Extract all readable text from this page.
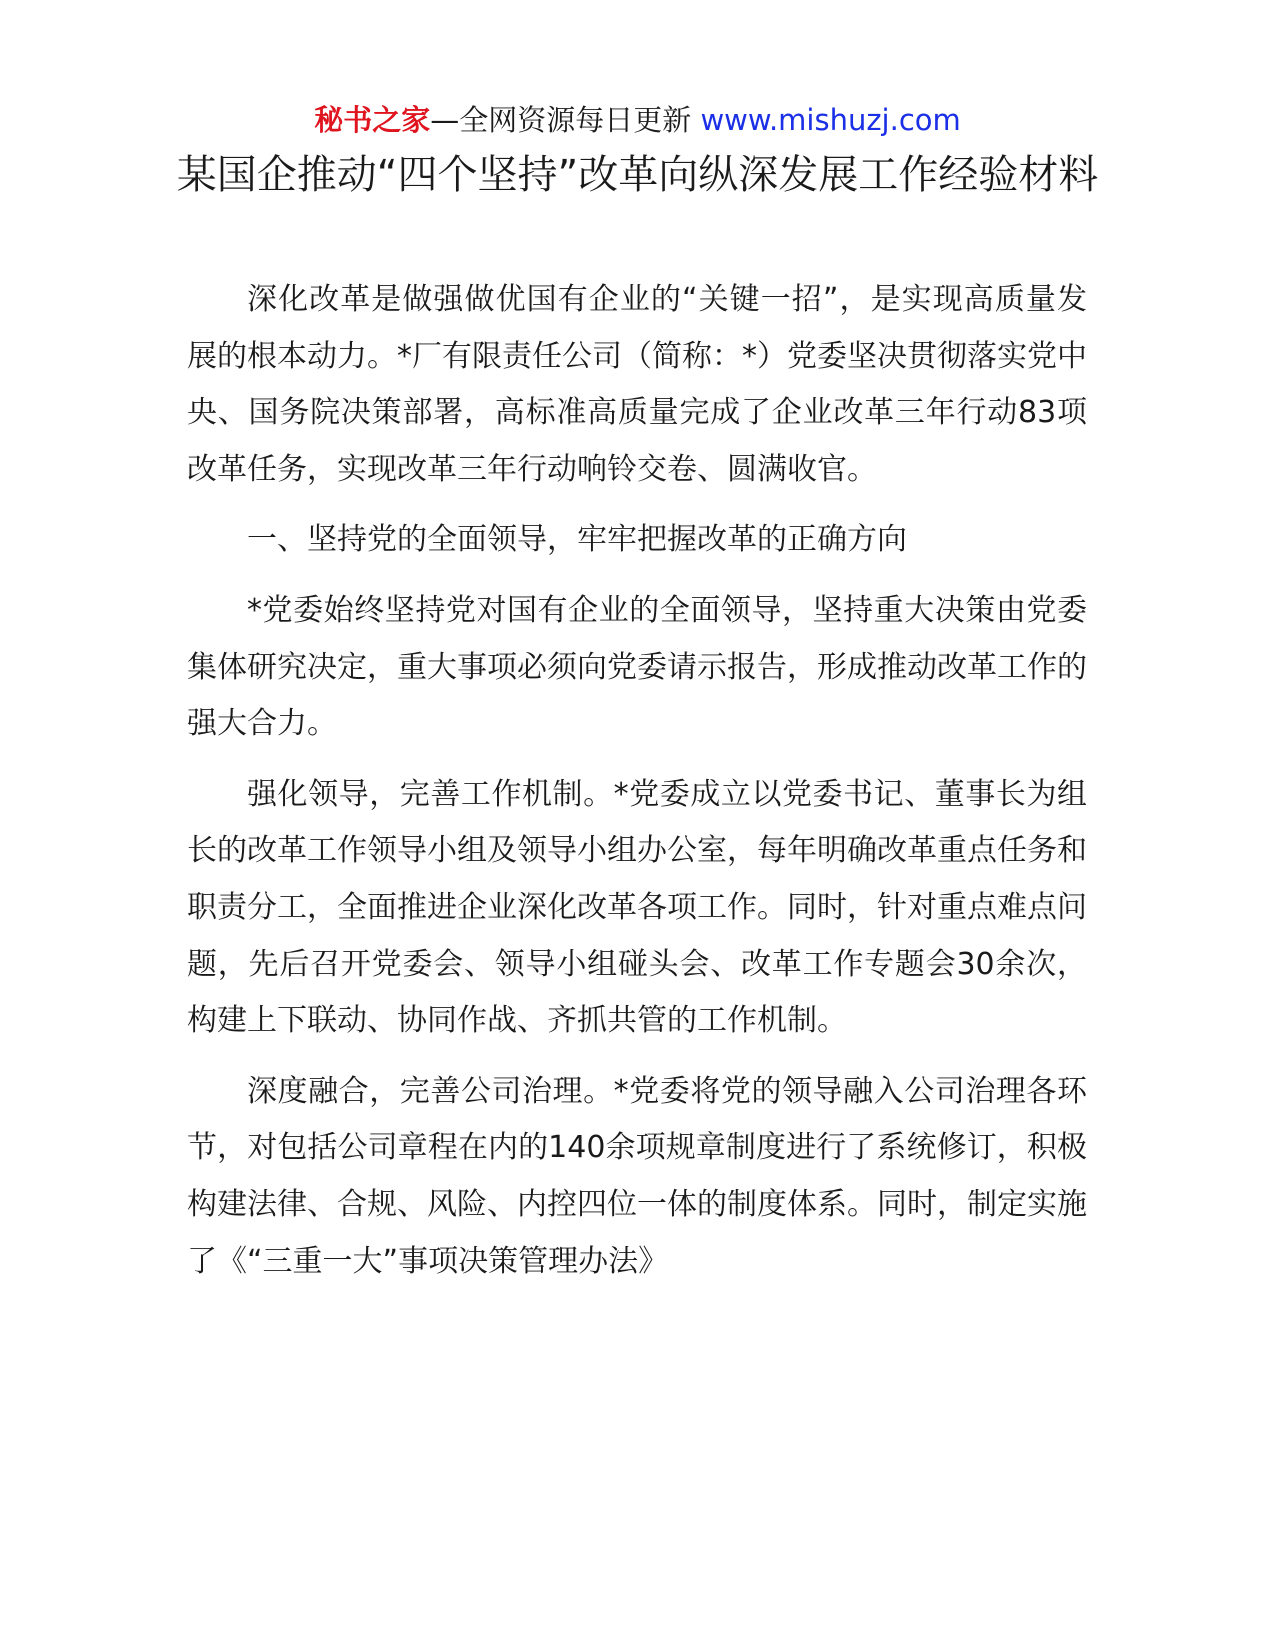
秘书之家—全网资源每日更新 www.mishuzj.com
某国企推动“四个坚持”改革向纵深发展工作经验材料

深化改革是做强做优国有企业的“关键一招”，是实现高质量发展的根本动力。*厂有限责任公司（简称：*）党委坚决贯彻落实党中央、国务院决策部署，高标准高质量完成了企业改革三年行动83项改革任务，实现改革三年行动响铃交卷、圆满收官。

一、坚持党的全面领导，牢牢把握改革的正确方向

*党委始终坚持党对国有企业的全面领导，坚持重大决策由党委集体研究决定，重大事项必须向党委请示报告，形成推动改革工作的强大合力。

强化领导，完善工作机制。*党委成立以党委书记、董事长为组长的改革工作领导小组及领导小组办公室，每年明确改革重点任务和职责分工，全面推进企业深化改革各项工作。同时，针对重点难点问题，先后召开党委会、领导小组碰头会、改革工作专题会30余次，构建上下联动、协同作战、齐抓共管的工作机制。

深度融合，完善公司治理。*党委将党的领导融入公司治理各环节，对包括公司章程在内的140余项规章制度进行了系统修订，积极构建法律、合规、风险、内控四位一体的制度体系。同时，制定实施了《“三重一大”事项决策管理办法》
